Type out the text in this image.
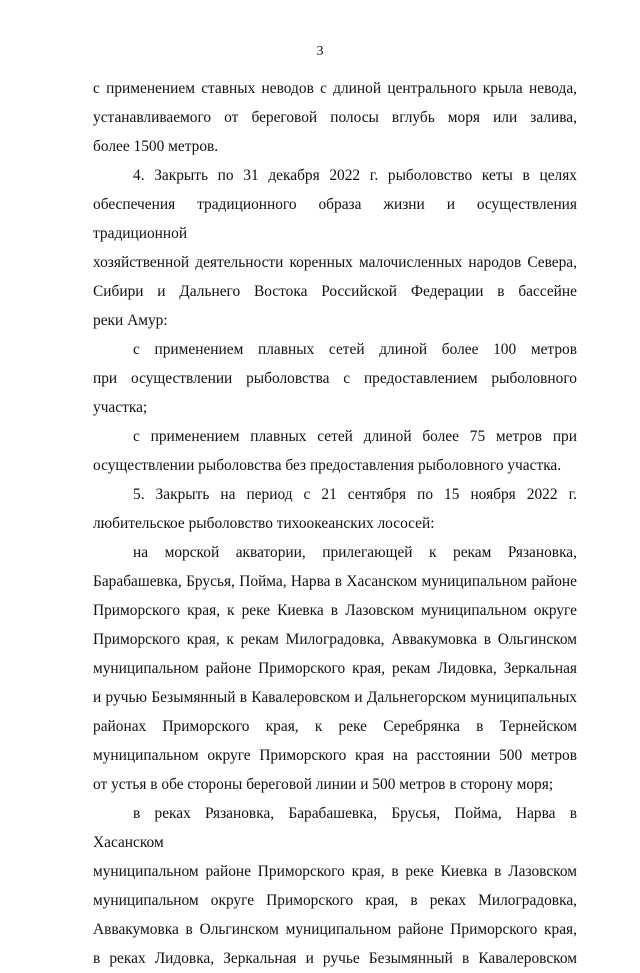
3

с применением ставных неводов с длиной центрального крыла невода,

устанавливаемого от береговой полосы вглубь моря или залива,

более 1500 метров.

4. Закрыть по 31 декабря 2022 г. рыболовство кеты в целях

обеспечения традиционного образа жизни и осуществления традиционной

хозяйственной деятельности коренных малочисленных народов Севера,

Сибири и Дальнего Востока Российской Федерации в бассейне

реки Амур:

с применением плавных сетей длиной более 100 метров

при осуществлении рыболовства с предоставлением рыболовного участка;

с применением плавных сетей длиной более 75 метров при

осуществлении рыболовства без предоставления рыболовного участка.

5. Закрыть на период с 21 сентября по 15 ноября 2022 г.

любительское рыболовство тихоокеанских лососей:

на морской акватории, прилегающей к рекам Рязановка,

Барабашевка, Брусья, Пойма, Нарва в Хасанском муниципальном районе

Приморского края, к реке Киевка в Лазовском муниципальном округе

Приморского края, к рекам Милоградовка, Аввакумовка в Ольгинском

муниципальном районе Приморского края, рекам Лидовка, Зеркальная

и ручью Безымянный в Кавалеровском и Дальнегорском муниципальных

районах Приморского края, к реке Серебрянка в Тернейском

муниципальном округе Приморского края на расстоянии 500 метров

от устья в обе стороны береговой линии и 500 метров в сторону моря;

в реках Рязановка, Барабашевка, Брусья, Пойма, Нарва в Хасанском

муниципальном районе Приморского края, в реке Киевка в Лазовском

муниципальном округе Приморского края, в реках Милоградовка,

Аввакумовка в Ольгинском муниципальном районе Приморского края,

в реках Лидовка, Зеркальная и ручье Безымянный в Кавалеровском
